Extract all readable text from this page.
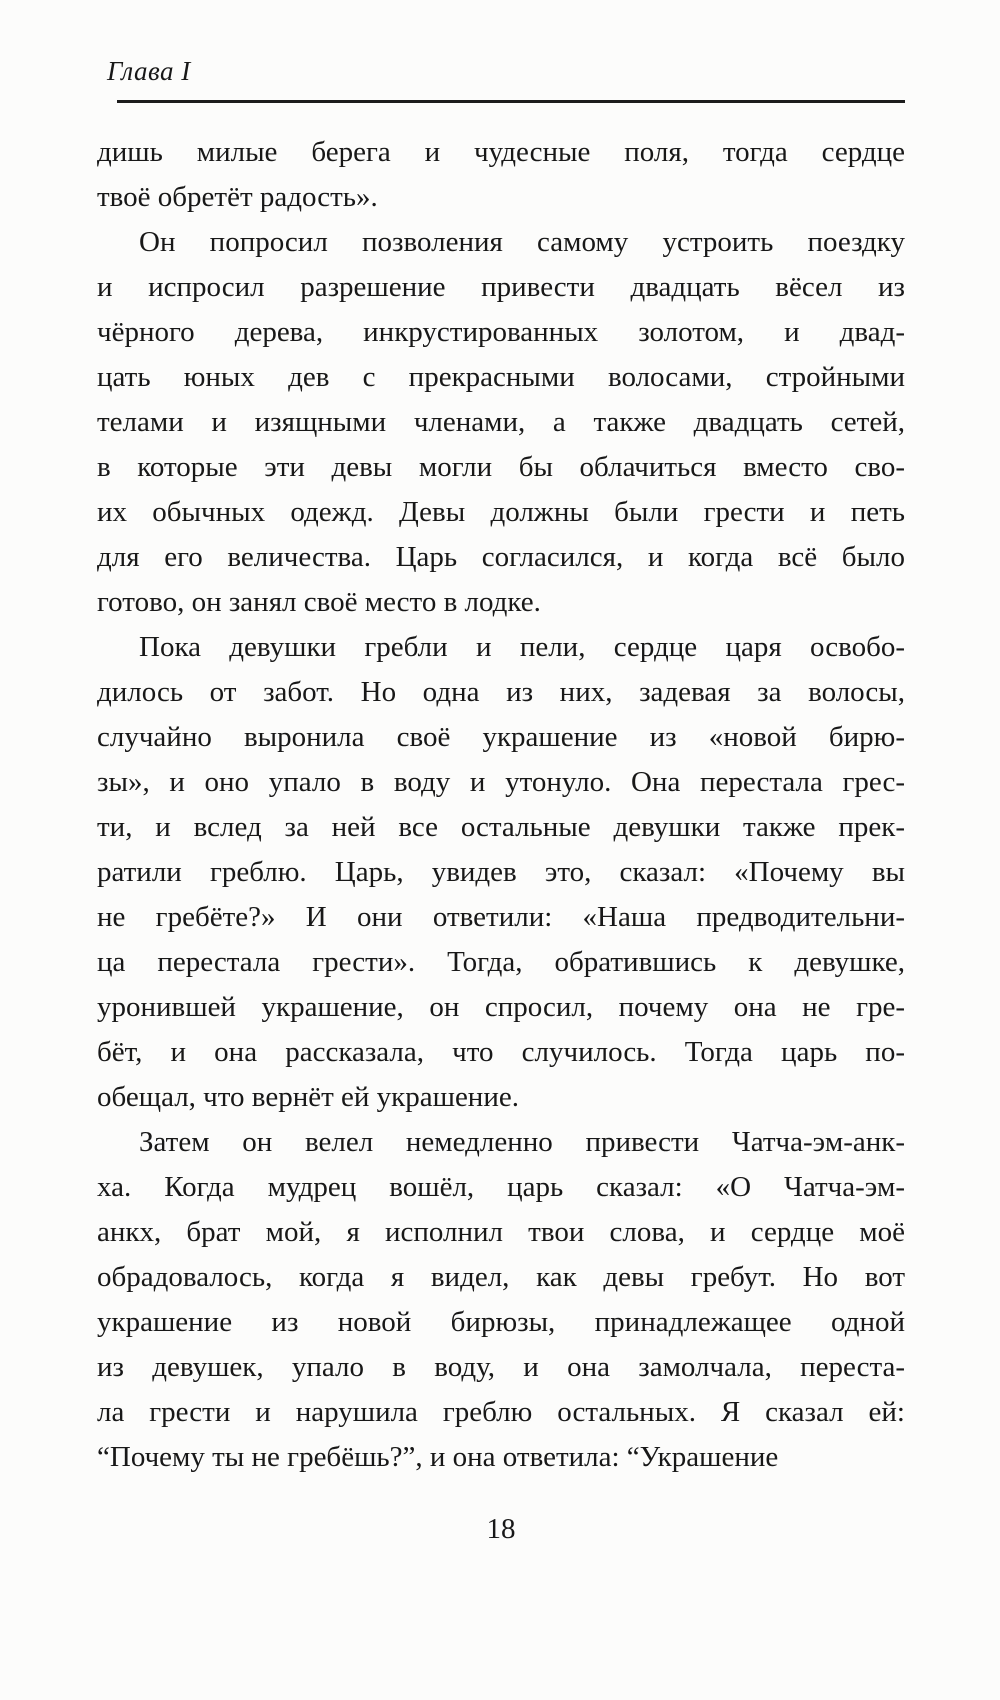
Глава I
дишь милые берега и чудесные поля, тогда сердце
твоё обретёт радость».
Он попросил позволения самому устроить поездку
и испросил разрешение привести двадцать вёсел из
чёрного дерева, инкрустированных золотом, и двад-
цать юных дев с прекрасными волосами, стройными
телами и изящными членами, а также двадцать сетей,
в которые эти девы могли бы облачиться вместо сво-
их обычных одежд. Девы должны были грести и петь
для его величества. Царь согласился, и когда всё было
готово, он занял своё место в лодке.
Пока девушки гребли и пели, сердце царя освобо-
дилось от забот. Но одна из них, задевая за волосы,
случайно выронила своё украшение из «новой бирю-
зы», и оно упало в воду и утонуло. Она перестала грес-
ти, и вслед за ней все остальные девушки также прек-
ратили греблю. Царь, увидев это, сказал: «Почему вы
не гребёте?» И они ответили: «Наша предводительни-
ца перестала грести». Тогда, обратившись к девушке,
уронившей украшение, он спросил, почему она не гре-
бёт, и она рассказала, что случилось. Тогда царь по-
обещал, что вернёт ей украшение.
Затем он велел немедленно привести Чатча-эм-анк-
ха. Когда мудрец вошёл, царь сказал: «О Чатча-эм-
анкх, брат мой, я исполнил твои слова, и сердце моё
обрадовалось, когда я видел, как девы гребут. Но вот
украшение из новой бирюзы, принадлежащее одной
из девушек, упало в воду, и она замолчала, переста-
ла грести и нарушила греблю остальных. Я сказал ей:
“Почему ты не гребёшь?”, и она ответила: “Украшение
18
